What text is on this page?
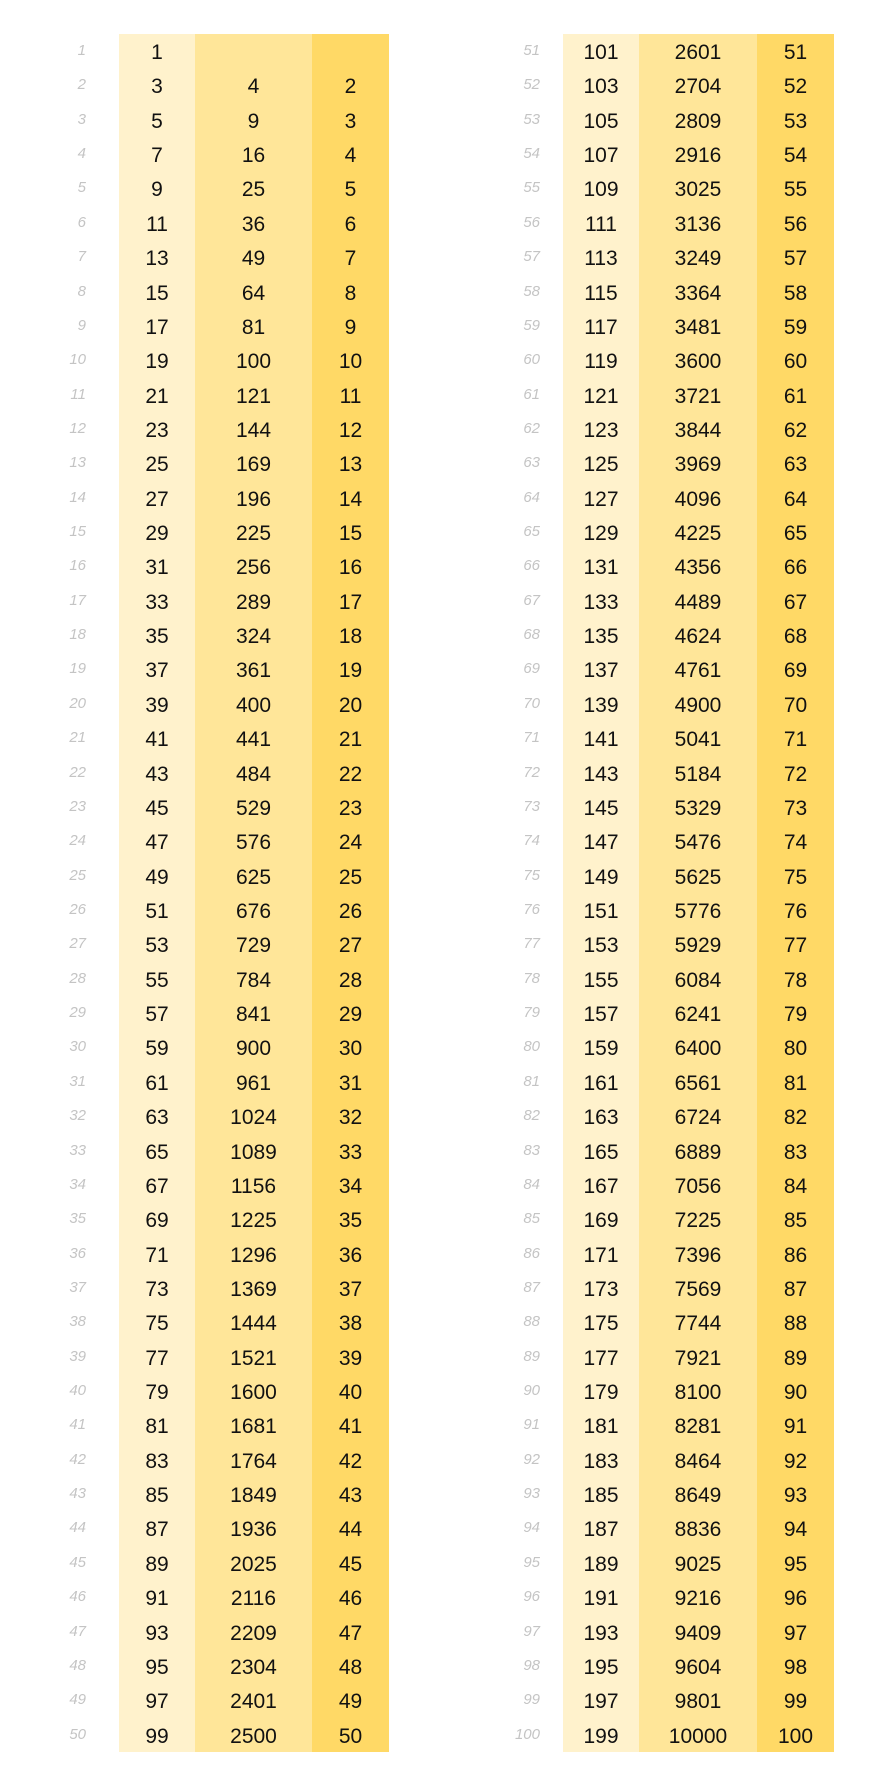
1	1
2	3	4	2
3	5	9	3
4	7	16	4
5	9	25	5
6	11	36	6
7	13	49	7
8	15	64	8
9	17	81	9
10	19	100	10
11	21	121	11
12	23	144	12
13	25	169	13
14	27	196	14
15	29	225	15
16	31	256	16
17	33	289	17
18	35	324	18
19	37	361	19
20	39	400	20
21	41	441	21
22	43	484	22
23	45	529	23
24	47	576	24
25	49	625	25
26	51	676	26
27	53	729	27
28	55	784	28
29	57	841	29
30	59	900	30
31	61	961	31
32	63	1024	32
33	65	1089	33
34	67	1156	34
35	69	1225	35
36	71	1296	36
37	73	1369	37
38	75	1444	38
39	77	1521	39
40	79	1600	40
41	81	1681	41
42	83	1764	42
43	85	1849	43
44	87	1936	44
45	89	2025	45
46	91	2116	46
47	93	2209	47
48	95	2304	48
49	97	2401	49
50	99	2500	50
51	101	2601	51
52	103	2704	52
53	105	2809	53
54	107	2916	54
55	109	3025	55
56	111	3136	56
57	113	3249	57
58	115	3364	58
59	117	3481	59
60	119	3600	60
61	121	3721	61
62	123	3844	62
63	125	3969	63
64	127	4096	64
65	129	4225	65
66	131	4356	66
67	133	4489	67
68	135	4624	68
69	137	4761	69
70	139	4900	70
71	141	5041	71
72	143	5184	72
73	145	5329	73
74	147	5476	74
75	149	5625	75
76	151	5776	76
77	153	5929	77
78	155	6084	78
79	157	6241	79
80	159	6400	80
81	161	6561	81
82	163	6724	82
83	165	6889	83
84	167	7056	84
85	169	7225	85
86	171	7396	86
87	173	7569	87
88	175	7744	88
89	177	7921	89
90	179	8100	90
91	181	8281	91
92	183	8464	92
93	185	8649	93
94	187	8836	94
95	189	9025	95
96	191	9216	96
97	193	9409	97
98	195	9604	98
99	197	9801	99
100	199	10000	100
